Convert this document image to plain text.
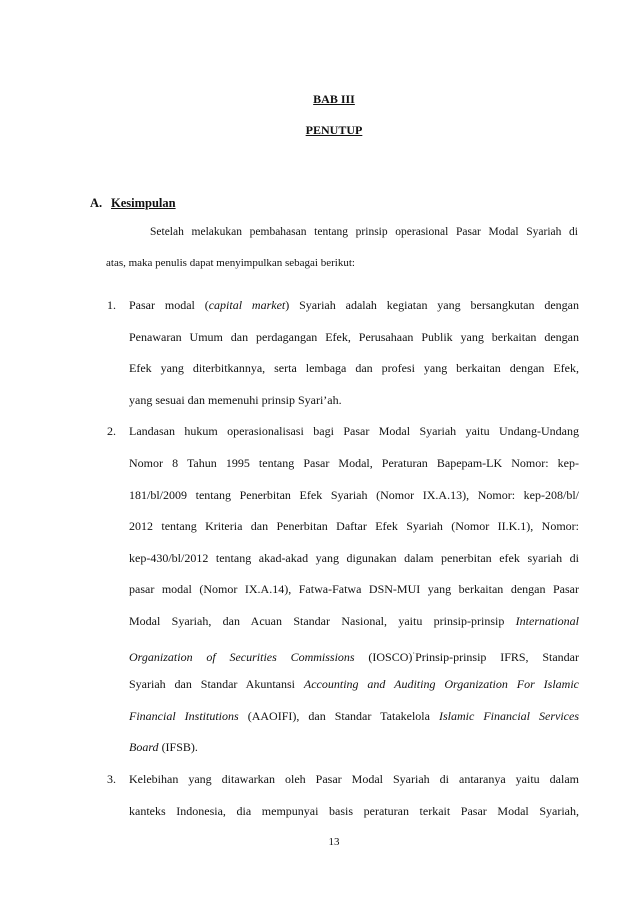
BAB III
PENUTUP
A. Kesimpulan
Setelah melakukan pembahasan tentang prinsip operasional Pasar Modal Syariah di
atas, maka penulis dapat menyimpulkan sebagai berikut:
1. Pasar modal (capital market) Syariah adalah kegiatan yang bersangkutan dengan
Penawaran Umum dan perdagangan Efek, Perusahaan Publik yang berkaitan dengan
Efek yang diterbitkannya, serta lembaga dan profesi yang berkaitan dengan Efek,
yang sesuai dan memenuhi prinsip Syari’ah.
2. Landasan hukum operasionalisasi bagi Pasar Modal Syariah yaitu Undang-Undang
Nomor 8 Tahun 1995 tentang Pasar Modal, Peraturan Bapepam-LK Nomor: kep-
181/bl/2009 tentang Penerbitan Efek Syariah (Nomor IX.A.13), Nomor: kep-208/bl/
2012 tentang Kriteria dan Penerbitan Daftar Efek Syariah (Nomor II.K.1), Nomor:
kep-430/bl/2012 tentang akad-akad yang digunakan dalam penerbitan efek syariah di
pasar modal (Nomor IX.A.14), Fatwa-Fatwa DSN-MUI yang berkaitan dengan Pasar
Modal Syariah, dan Acuan Standar Nasional, yaitu prinsip-prinsip International
Organization of Securities Commissions (IOSCO)·Prinsip-prinsip IFRS, Standar
Syariah dan Standar Akuntansi Accounting and Auditing Organization For Islamic
Financial Institutions (AAOIFI), dan Standar Tatakelola Islamic Financial Services
Board (IFSB).
3. Kelebihan yang ditawarkan oleh Pasar Modal Syariah di antaranya yaitu dalam
kanteks Indonesia, dia mempunyai basis peraturan terkait Pasar Modal Syariah,
13
